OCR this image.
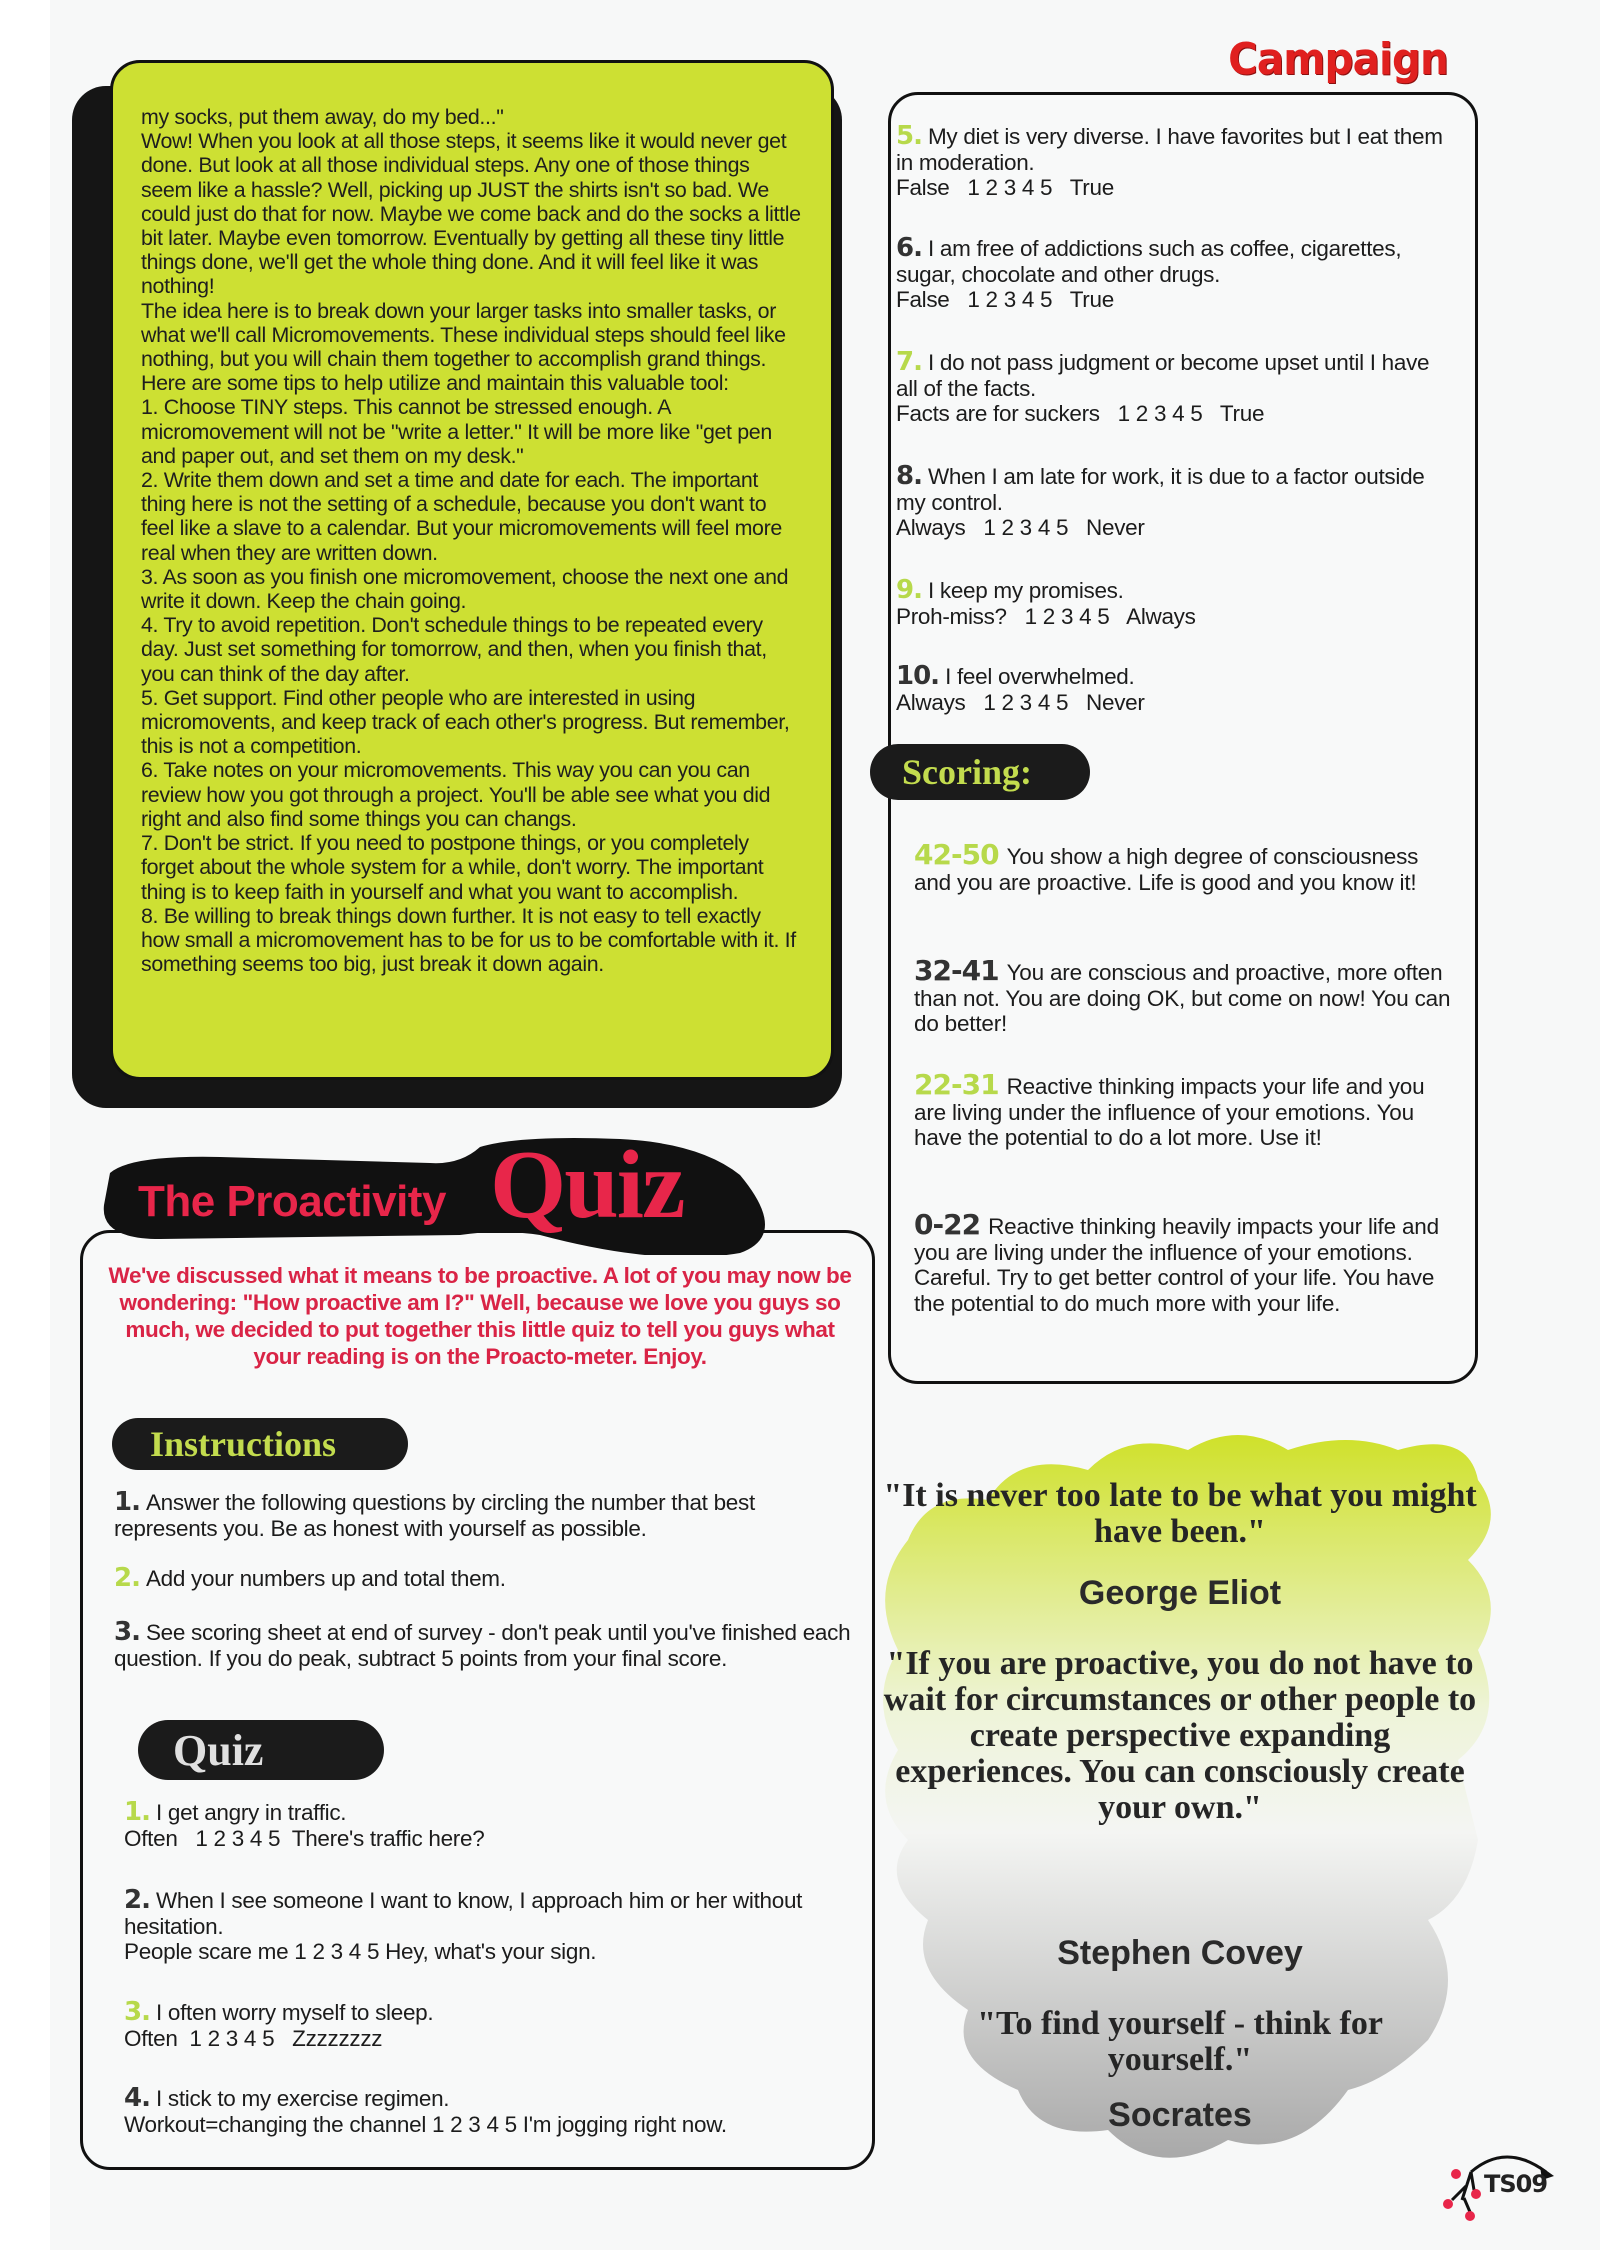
Campaign

my socks, put them away, do my bed..."

Wow! When you look at all those steps, it seems like it would never get done. But look at all those individual steps. Any one of those things seem like a hassle? Well, picking up JUST the shirts isn't so bad. We could just do that for now. Maybe we come back and do the socks a little bit later. Maybe even tomorrow. Eventually by getting all these tiny little things done, we'll get the whole thing done. And it will feel like it was nothing!

The idea here is to break down your larger tasks into smaller tasks, or what we'll call Micromovements. These individual steps should feel like nothing, but you will chain them together to accomplish grand things. Here are some tips to help utilize and maintain this valuable tool:

1. Choose TINY steps. This cannot be stressed enough. A micromovement will not be "write a letter." It will be more like "get pen and paper out, and set them on my desk."

2. Write them down and set a time and date for each. The important thing here is not the setting of a schedule, because you don't want to feel like a slave to a calendar. But your micromovements will feel more real when they are written down.

3. As soon as you finish one micromovement, choose the next one and write it down. Keep the chain going.

4. Try to avoid repetition. Don't schedule things to be repeated every day. Just set something for tomorrow, and then, when you finish that, you can think of the day after.

5. Get support. Find other people who are interested in using micromovents, and keep track of each other's progress. But remember, this is not a competition.

6. Take notes on your micromovements. This way you can you can review how you got through a project. You'll be able see what you did right and also find some things you can changs.

7. Don't be strict. If you need to postpone things, or you completely forget about the whole system for a while, don't worry. The important thing is to keep faith in yourself and what you want to accomplish.

8. Be willing to break things down further. It is not easy to tell exactly how small a micromovement has to be for us to be comfortable with it. If something seems too big, just break it down again.

The Proactivity Quiz
We've discussed what it means to be proactive. A lot of you may now be wondering: "How proactive am I?" Well, because we love you guys so much, we decided to put together this little quiz to tell you guys what your reading is on the Proacto-meter. Enjoy.
Instructions
1. Answer the following questions by circling the number that best represents you. Be as honest with yourself as possible.
2. Add your numbers up and total them.
3. See scoring sheet at end of survey - don't peak until you've finished each question. If you do peak, subtract 5 points from your final score.
Quiz
1. I get angry in traffic.
Often   1 2 3 4 5  There's traffic here?
2. When I see someone I want to know, I approach him or her without hesitation.
People scare me 1 2 3 4 5 Hey, what's your sign.
3. I often worry myself to sleep.
Often  1 2 3 4 5   Zzzzzzzz
4. I stick to my exercise regimen.
Workout=changing the channel 1 2 3 4 5 I'm jogging right now.
5. My diet is very diverse. I have favorites but I eat them in moderation.
False   1 2 3 4 5   True
6. I am free of addictions such as coffee, cigarettes, sugar, chocolate and other drugs.
False   1 2 3 4 5   True
7. I do not pass judgment or become upset until I have all of the facts.
Facts are for suckers   1 2 3 4 5   True
8. When I am late for work, it is due to a factor outside my control.
Always   1 2 3 4 5   Never
9. I keep my promises.
Proh-miss?   1 2 3 4 5   Always
10. I feel overwhelmed.
Always   1 2 3 4 5   Never
Scoring:
42-50 You show a high degree of consciousness and you are proactive. Life is good and you know it!
32-41 You are conscious and proactive, more often than not. You are doing OK, but come on now! You can do better!
22-31 Reactive thinking impacts your life and you are living under the influence of your emotions. You have the potential to do a lot more. Use it!
0-22 Reactive thinking heavily impacts your life and you are living under the influence of your emotions. Careful. Try to get better control of your life. You have the potential to do much more with your life.
"It is never too late to be what you might have been."
George Eliot
"If you are proactive, you do not have to wait for circumstances or other people to create perspective expanding experiences. You can consciously create your own."
Stephen Covey
"To find yourself - think for yourself."
Socrates
TS09
